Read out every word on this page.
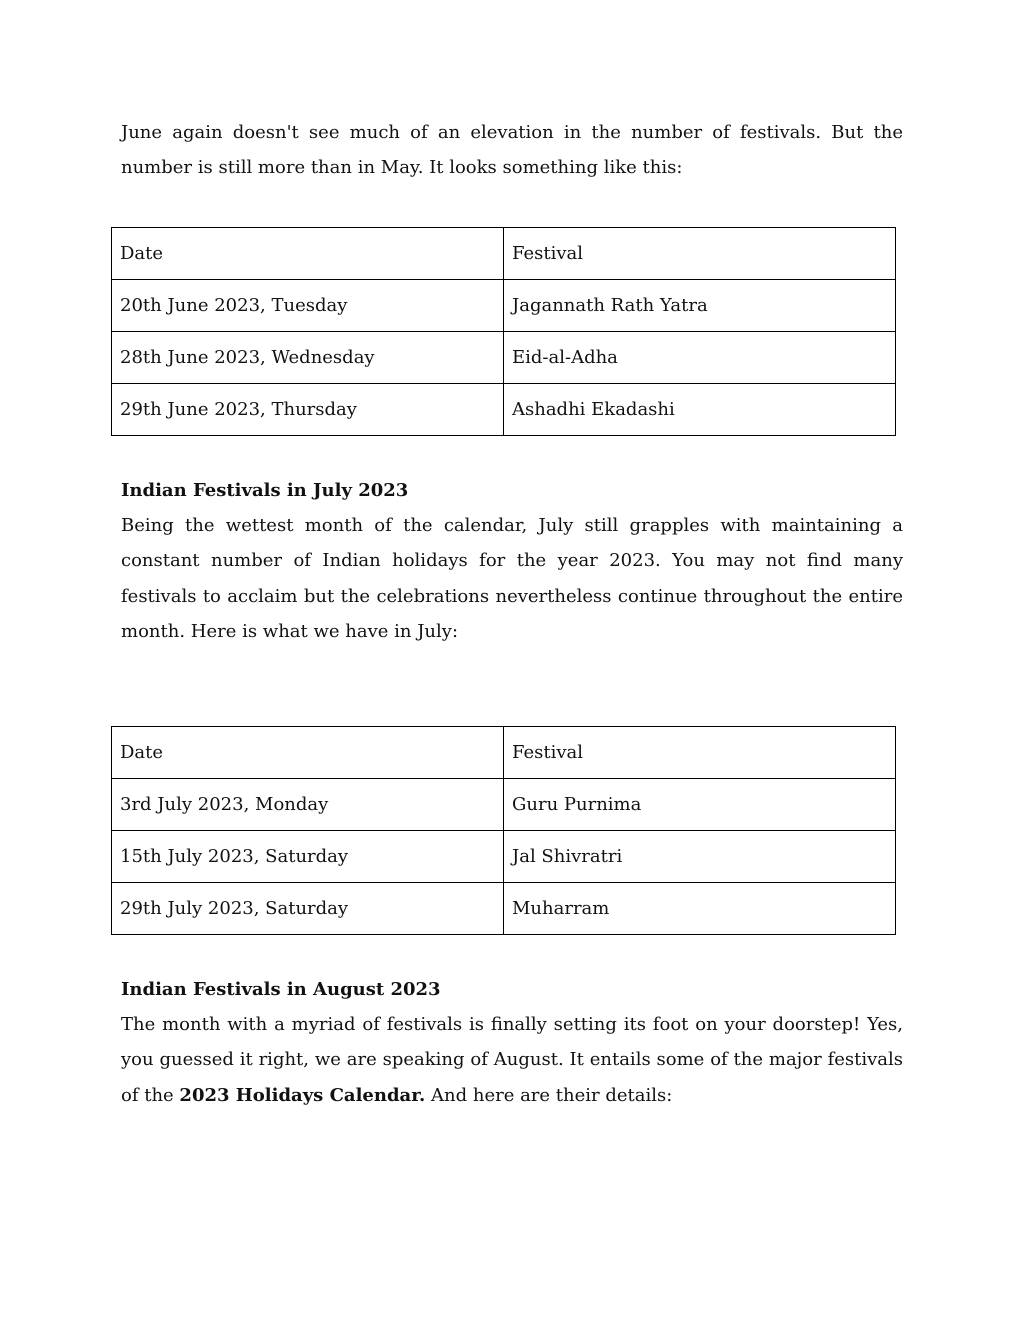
June again doesn't see much of an elevation in the number of festivals. But the number is still more than in May. It looks something like this:

Date	Festival
20th June 2023, Tuesday	Jagannath Rath Yatra
28th June 2023, Wednesday	Eid-al-Adha
29th June 2023, Thursday	Ashadhi Ekadashi
Indian Festivals in July 2023

Being the wettest month of the calendar, July still grapples with maintaining a constant number of Indian holidays for the year 2023. You may not find many festivals to acclaim but the celebrations nevertheless continue throughout the entire month. Here is what we have in July:

Date	Festival
3rd July 2023, Monday	Guru Purnima
15th July 2023, Saturday	Jal Shivratri
29th July 2023, Saturday	Muharram
Indian Festivals in August 2023

The month with a myriad of festivals is finally setting its foot on your doorstep! Yes, you guessed it right, we are speaking of August. It entails some of the major festivals of the 2023 Holidays Calendar. And here are their details:
